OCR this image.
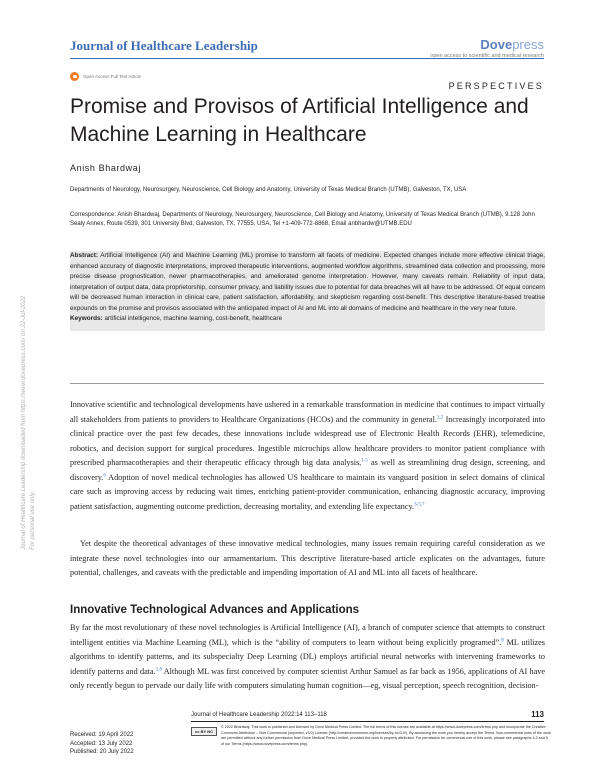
Journal of Healthcare Leadership	Dovepress
open access to scientific and medical research
Open Access Full Text Article
PERSPECTIVES
Promise and Provisos of Artificial Intelligence and Machine Learning in Healthcare
Anish Bhardwaj
Departments of Neurology, Neurosurgery, Neuroscience, Cell Biology and Anatomy, University of Texas Medical Branch (UTMB), Galveston, TX, USA
Correspondence: Anish Bhardwaj, Departments of Neurology, Neurosurgery, Neuroscience, Cell Biology and Anatomy, University of Texas Medical Branch (UTMB), 9.128 John Sealy Annex, Route 0539, 301 University Blvd, Galveston, TX, 77555, USA, Tel +1-409-772-8868, Email anbhardw@UTMB.EDU
Abstract: Artificial Intelligence (AI) and Machine Learning (ML) promise to transform all facets of medicine. Expected changes include more effective clinical triage, enhanced accuracy of diagnostic interpretations, improved therapeutic interventions, augmented workflow algorithms, streamlined data collection and processing, more precise disease prognostication, newer pharmacotherapies, and ameliorated genome interpretation. However, many caveats remain. Reliability of input data, interpretation of output data, data proprietorship, consumer privacy, and liability issues due to potential for data breaches will all have to be addressed. Of equal concern will be decreased human interaction in clinical care, patient satisfaction, affordability, and skepticism regarding cost-benefit. This descriptive literature-based treatise expounds on the promise and provisos associated with the anticipated impact of AI and ML into all domains of medicine and healthcare in the very near future.
Keywords: artificial intelligence, machine learning, cost-benefit, healthcare
Journal of Healthcare Leadership downloaded from https://www.dovepress.com/ on 22-Jul-2022 For personal use only.

Innovative scientific and technological developments have ushered in a remarkable transformation in medicine that continues to impact virtually all stakeholders from patients to providers to Healthcare Organizations (HCOs) and the community in general.$^{1,2}$ Increasingly incorporated into clinical practice over the past few decades, these innovations include widespread use of Electronic Health Records (EHR), telemedicine, robotics, and decision support for surgical procedures. Ingestible microchips allow healthcare providers to monitor patient compliance with prescribed pharmacotherapies and their therapeutic efficacy through big data analysis,$^{1-5}$ as well as streamlining drug design, screening, and discovery.$^6$ Adoption of novel medical technologies has allowed US healthcare to maintain its vanguard position in select domains of clinical care such as improving access by reducing wait times, enriching patient-provider communication, enhancing diagnostic accuracy, improving patient satisfaction, augmenting outcome prediction, decreasing mortality, and extending life expectancy.$^{3-5,7}$

Yet despite the theoretical advantages of these innovative medical technologies, many issues remain requiring careful consideration as we integrate these novel technologies into our armamentarium. This descriptive literature-based article explicates on the advantages, future potential, challenges, and caveats with the predictable and impending importation of AI and ML into all facets of healthcare.

Innovative Technological Advances and Applications

By far the most revolutionary of these novel technologies is Artificial Intelligence (AI), a branch of computer science that attempts to construct intelligent entities via Machine Learning (ML), which is the “ability of computers to learn without being explicitly programed”.$^8$ ML utilizes algorithms to identify patterns, and its subspecialty Deep Learning (DL) employs artificial neural networks with intervening frameworks to identify patterns and data.$^{1,8}$ Although ML was first conceived by computer scientist Arthur Samuel as far back as 1956, applications of AI have only recently begun to pervade our daily life with computers simulating human cognition—eg, visual perception, speech recognition, decision-

Journal of Healthcare Leadership 2022:14 113–118	113
Received: 19 April 2022
Accepted: 13 July 2022
Published: 20 July 2022
cc BY NC
© 2022 Bhardwaj. This work is published and licensed by Dove Medical Press Limited. The full terms of this license are available at https://www.dovepress.com/terms.php and incorporate the Creative Commons Attribution – Non Commercial (unported, v3.0) License (http://creativecommons.org/licenses/by-nc/3.0/). By accessing the work you hereby accept the Terms. Non-commercial uses of the work are permitted without any further permission from Dove Medical Press Limited, provided the work is properly attributed. For permission for commercial use of this work, please see paragraphs 4.2 and 5 of our Terms (https://www.dovepress.com/terms.php).
